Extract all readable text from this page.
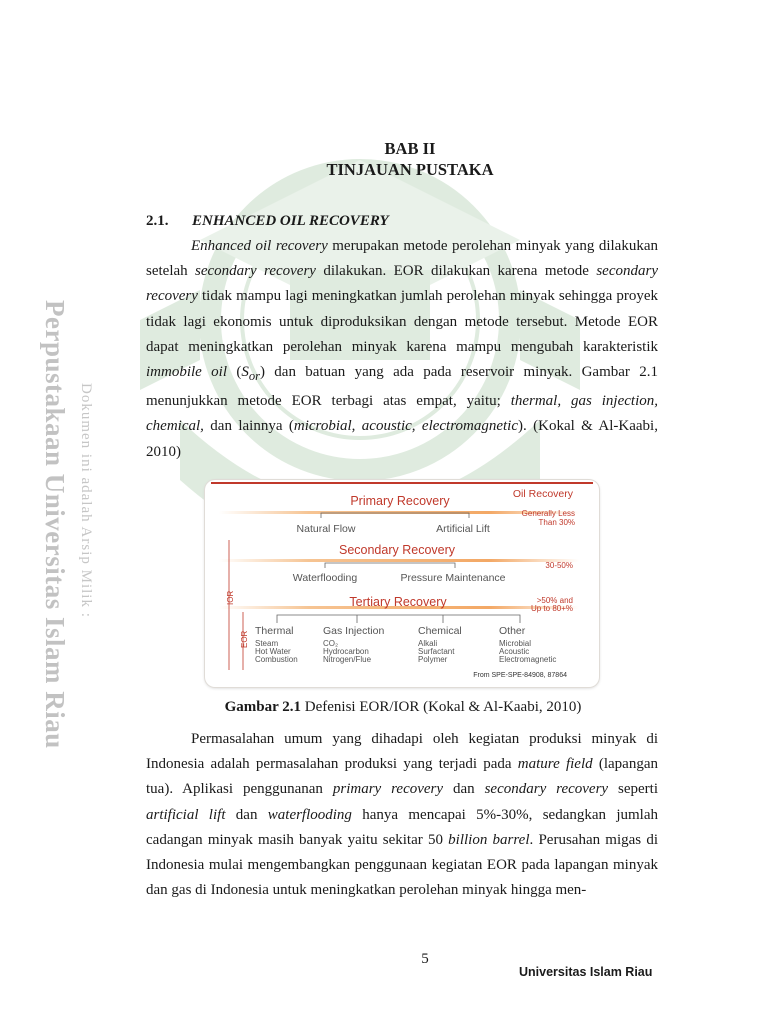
Perpustakaan Universitas Islam Riau Dokumen ini adalah Arsip Milik :
BAB II
TINJAUAN PUSTAKA
2.1. ENHANCED OIL RECOVERY

Enhanced oil recovery merupakan metode perolehan minyak yang dilakukan setelah secondary recovery dilakukan. EOR dilakukan karena metode secondary recovery tidak mampu lagi meningkatkan jumlah perolehan minyak sehingga proyek tidak lagi ekonomis untuk diproduksikan dengan metode tersebut. Metode EOR dapat meningkatkan perolehan minyak karena mampu mengubah karakteristik immobile oil $(S_{or})$ dan batuan yang ada pada reservoir minyak. Gambar 2.1 menunjukkan metode EOR terbagi atas empat, yaitu; thermal, gas injection, chemical, dan lainnya (microbial, acoustic, electromagnetic). (Kokal & Al-Kaabi, 2010)

Primary Recovery	Oil Recovery
Generally Less
Than 30%
Natural Flow	Artificial Lift
Secondary Recovery
30-50%
Waterflooding	Pressure Maintenance
Tertiary Recovery	>50% and
Up to 80+%
IOR
EOR Thermal	Gas Injection	Chemical	Other
Steam
Hot Water
Combustion
CO₂
Hydrocarbon
Nitrogen/Flue
Alkali
Surfactant
Polymer
Microbial
Acoustic
Electromagnetic
From SPE-SPE-84908, 87864
Gambar 2.1 Defenisi EOR/IOR (Kokal & Al-Kaabi, 2010)

Permasalahan umum yang dihadapi oleh kegiatan produksi minyak di Indonesia adalah permasalahan produksi yang terjadi pada mature field (lapangan tua). Aplikasi penggunanan primary recovery dan secondary recovery seperti artificial lift dan waterflooding hanya mencapai 5%-30%, sedangkan jumlah cadangan minyak masih banyak yaitu sekitar 50 billion barrel. Perusahan migas di Indonesia mulai mengembangkan penggunaan kegiatan EOR pada lapangan minyak dan gas di Indonesia untuk meningkatkan perolehan minyak hingga men-

5
Universitas Islam Riau
